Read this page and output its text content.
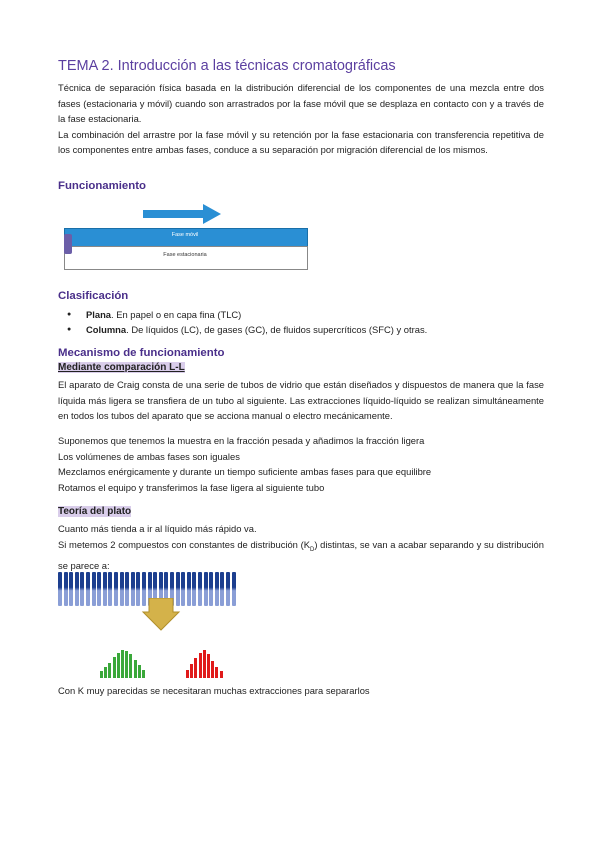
TEMA 2. Introducción a las técnicas cromatográficas

Técnica de separación física basada en la distribución diferencial de los componentes de una mezcla entre dos fases (estacionaria y móvil) cuando son arrastrados por la fase móvil que se desplaza en contacto con y a través de la fase estacionaria.

La combinación del arrastre por la fase móvil y su retención por la fase estacionaria con transferencia repetitiva de los componentes entre ambas fases, conduce a su separación por migración diferencial de los mismos.

Funcionamiento
Fase móvil
Fase estacionaria
Clasificación
● Plana. En papel o en capa fina (TLC)
● Columna. De líquidos (LC), de gases (GC), de fluidos supercríticos (SFC) y otras.
Mecanismo de funcionamiento
Mediante comparación L-L

El aparato de Craig consta de una serie de tubos de vidrio que están diseñados y dispuestos de manera que la fase líquida más ligera se transfiera de un tubo al siguiente. Las extracciones líquido-líquido se realizan simultáneamente en todos los tubos del aparato que se acciona manual o electro mecánicamente.

Suponemos que tenemos la muestra en la fracción pesada y añadimos la fracción ligera

Los volúmenes de ambas fases son iguales

Mezclamos enérgicamente y durante un tiempo suficiente ambas fases para que equilibre

Rotamos el equipo y transferimos la fase ligera al siguiente tubo

Teoría del plato

Cuanto más tienda a ir al líquido más rápido va.

Si metemos 2 compuestos con constantes de distribución $(K_D)$ distintas, se van a acabar separando y su distribución se parece a:

Con K muy parecidas se necesitaran muchas extracciones para separarlos
